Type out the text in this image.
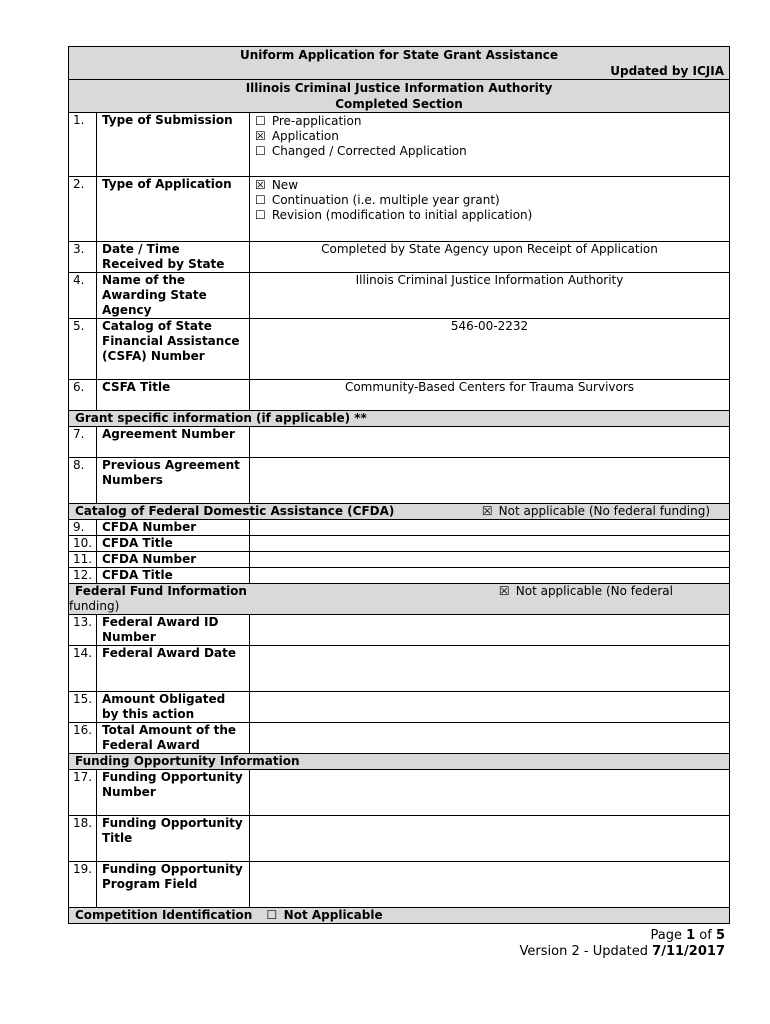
Uniform Application for State Grant Assistance
Updated by ICJIA		

Illinois Criminal Justice Information Authority
Completed Section		

1.	Type of Submission	☐ Pre-application
☒ Application
☐ Changed / Corrected Application

2.	Type of Application	☒ New
☐ Continuation (i.e. multiple year grant)
☐ Revision (modification to initial application)

3.	Date / Time Received by State	Completed by State Agency upon Receipt of Application
4.	Name of the Awarding State Agency	Illinois Criminal Justice Information Authority
5.	Catalog of State Financial Assistance (CSFA) Number	546-00-2232
6.	CSFA Title	Community-Based Centers for Trauma Survivors
Grant specific information (if applicable) **		
7.	Agreement Number	
8.	Previous Agreement Numbers	
Catalog of Federal Domestic Assistance (CFDA) ☒ Not applicable (No federal funding)		

9.	CFDA Number	
10.	CFDA Title	
11.	CFDA Number	
12.	CFDA Title	
Federal Fund Information ☒ Not applicable (No federal
funding)		

13.	Federal Award ID Number	
14.	Federal Award Date	
15.	Amount Obligated by this action	
16.	Total Amount of the Federal Award	
Funding Opportunity Information		
17.	Funding Opportunity Number	
18.	Funding Opportunity Title	
19.	Funding Opportunity Program Field	
Competition Identification ☐ Not Applicable		
Page 1 of 5
Version 2 - Updated 7/11/2017
